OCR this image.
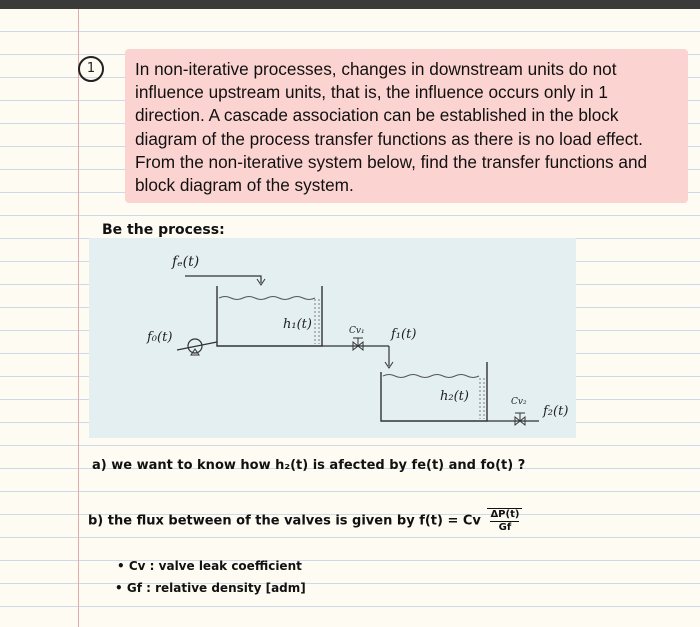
1	In non-iterative processes, changes in downstream units do not influence upstream units, that is, the influence occurs only in 1 direction. A cascade association can be established in the block diagram of the process transfer functions as there is no load effect. From the non-iterative system below, find the transfer functions and block diagram of the system.
Be the process:
fₑ(t)
h₁(t)
f₀(t)	Cv₁ f₁(t)
h₂(t)	Cv₂
f₂(t)
a) we want to know how h₂(t) is afected by fe(t) and fo(t) ?
b) the flux between of the valves is given by f(t) = Cv $\frac{\Delta P(t)}{Gf}$
• Cv : valve leak coefficient
• Gf : relative density [adm]
